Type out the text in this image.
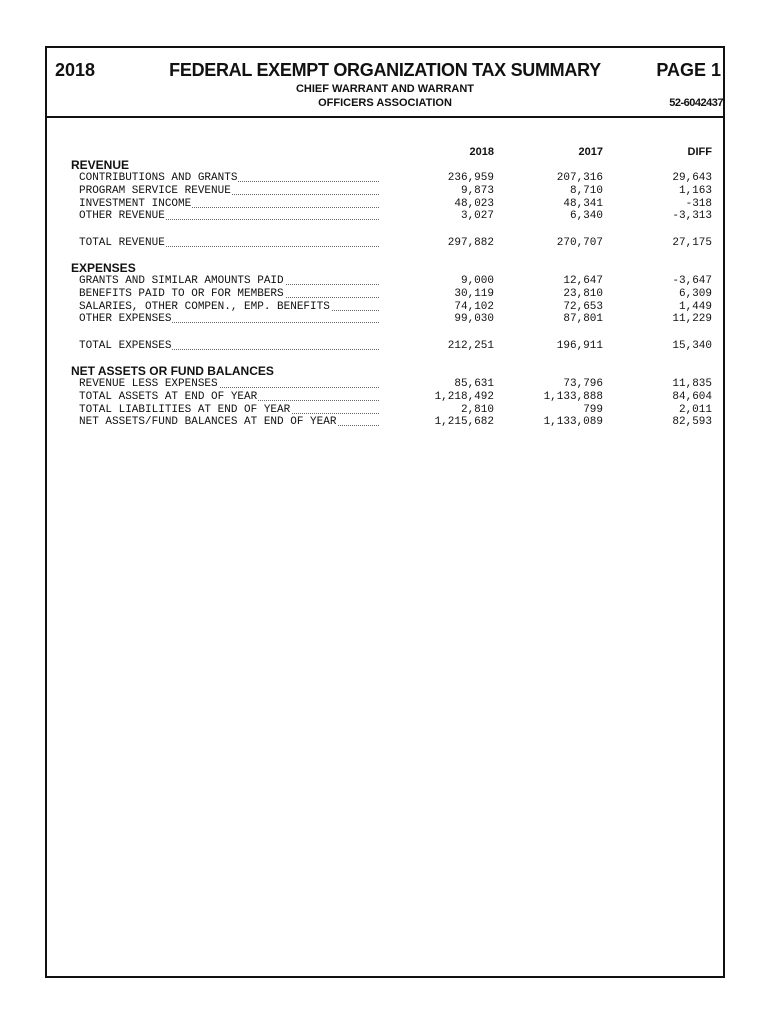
2018	FEDERAL EXEMPT ORGANIZATION TAX SUMMARY	PAGE 1
CHIEF WARRANT AND WARRANT
OFFICERS ASSOCIATION	52-6042437
2018	2017	DIFF
REVENUE
CONTRIBUTIONS AND GRANTS	236,959	207,316	29,643
PROGRAM SERVICE REVENUE	9,873	8,710	1,163
INVESTMENT INCOME	48,023	48,341	-318
OTHER REVENUE	3,027	6,340	-3,313
TOTAL REVENUE	297,882	270,707	27,175
EXPENSES
GRANTS AND SIMILAR AMOUNTS PAID	9,000	12,647	-3,647
BENEFITS PAID TO OR FOR MEMBERS	30,119	23,810	6,309
SALARIES, OTHER COMPEN., EMP. BENEFITS	74,102	72,653	1,449
OTHER EXPENSES	99,030	87,801	11,229
TOTAL EXPENSES	212,251	196,911	15,340
NET ASSETS OR FUND BALANCES
REVENUE LESS EXPENSES	85,631	73,796	11,835
TOTAL ASSETS AT END OF YEAR	1,218,492	1,133,888	84,604
TOTAL LIABILITIES AT END OF YEAR	2,810	799	2,011
NET ASSETS/FUND BALANCES AT END OF YEAR	1,215,682	1,133,089	82,593
